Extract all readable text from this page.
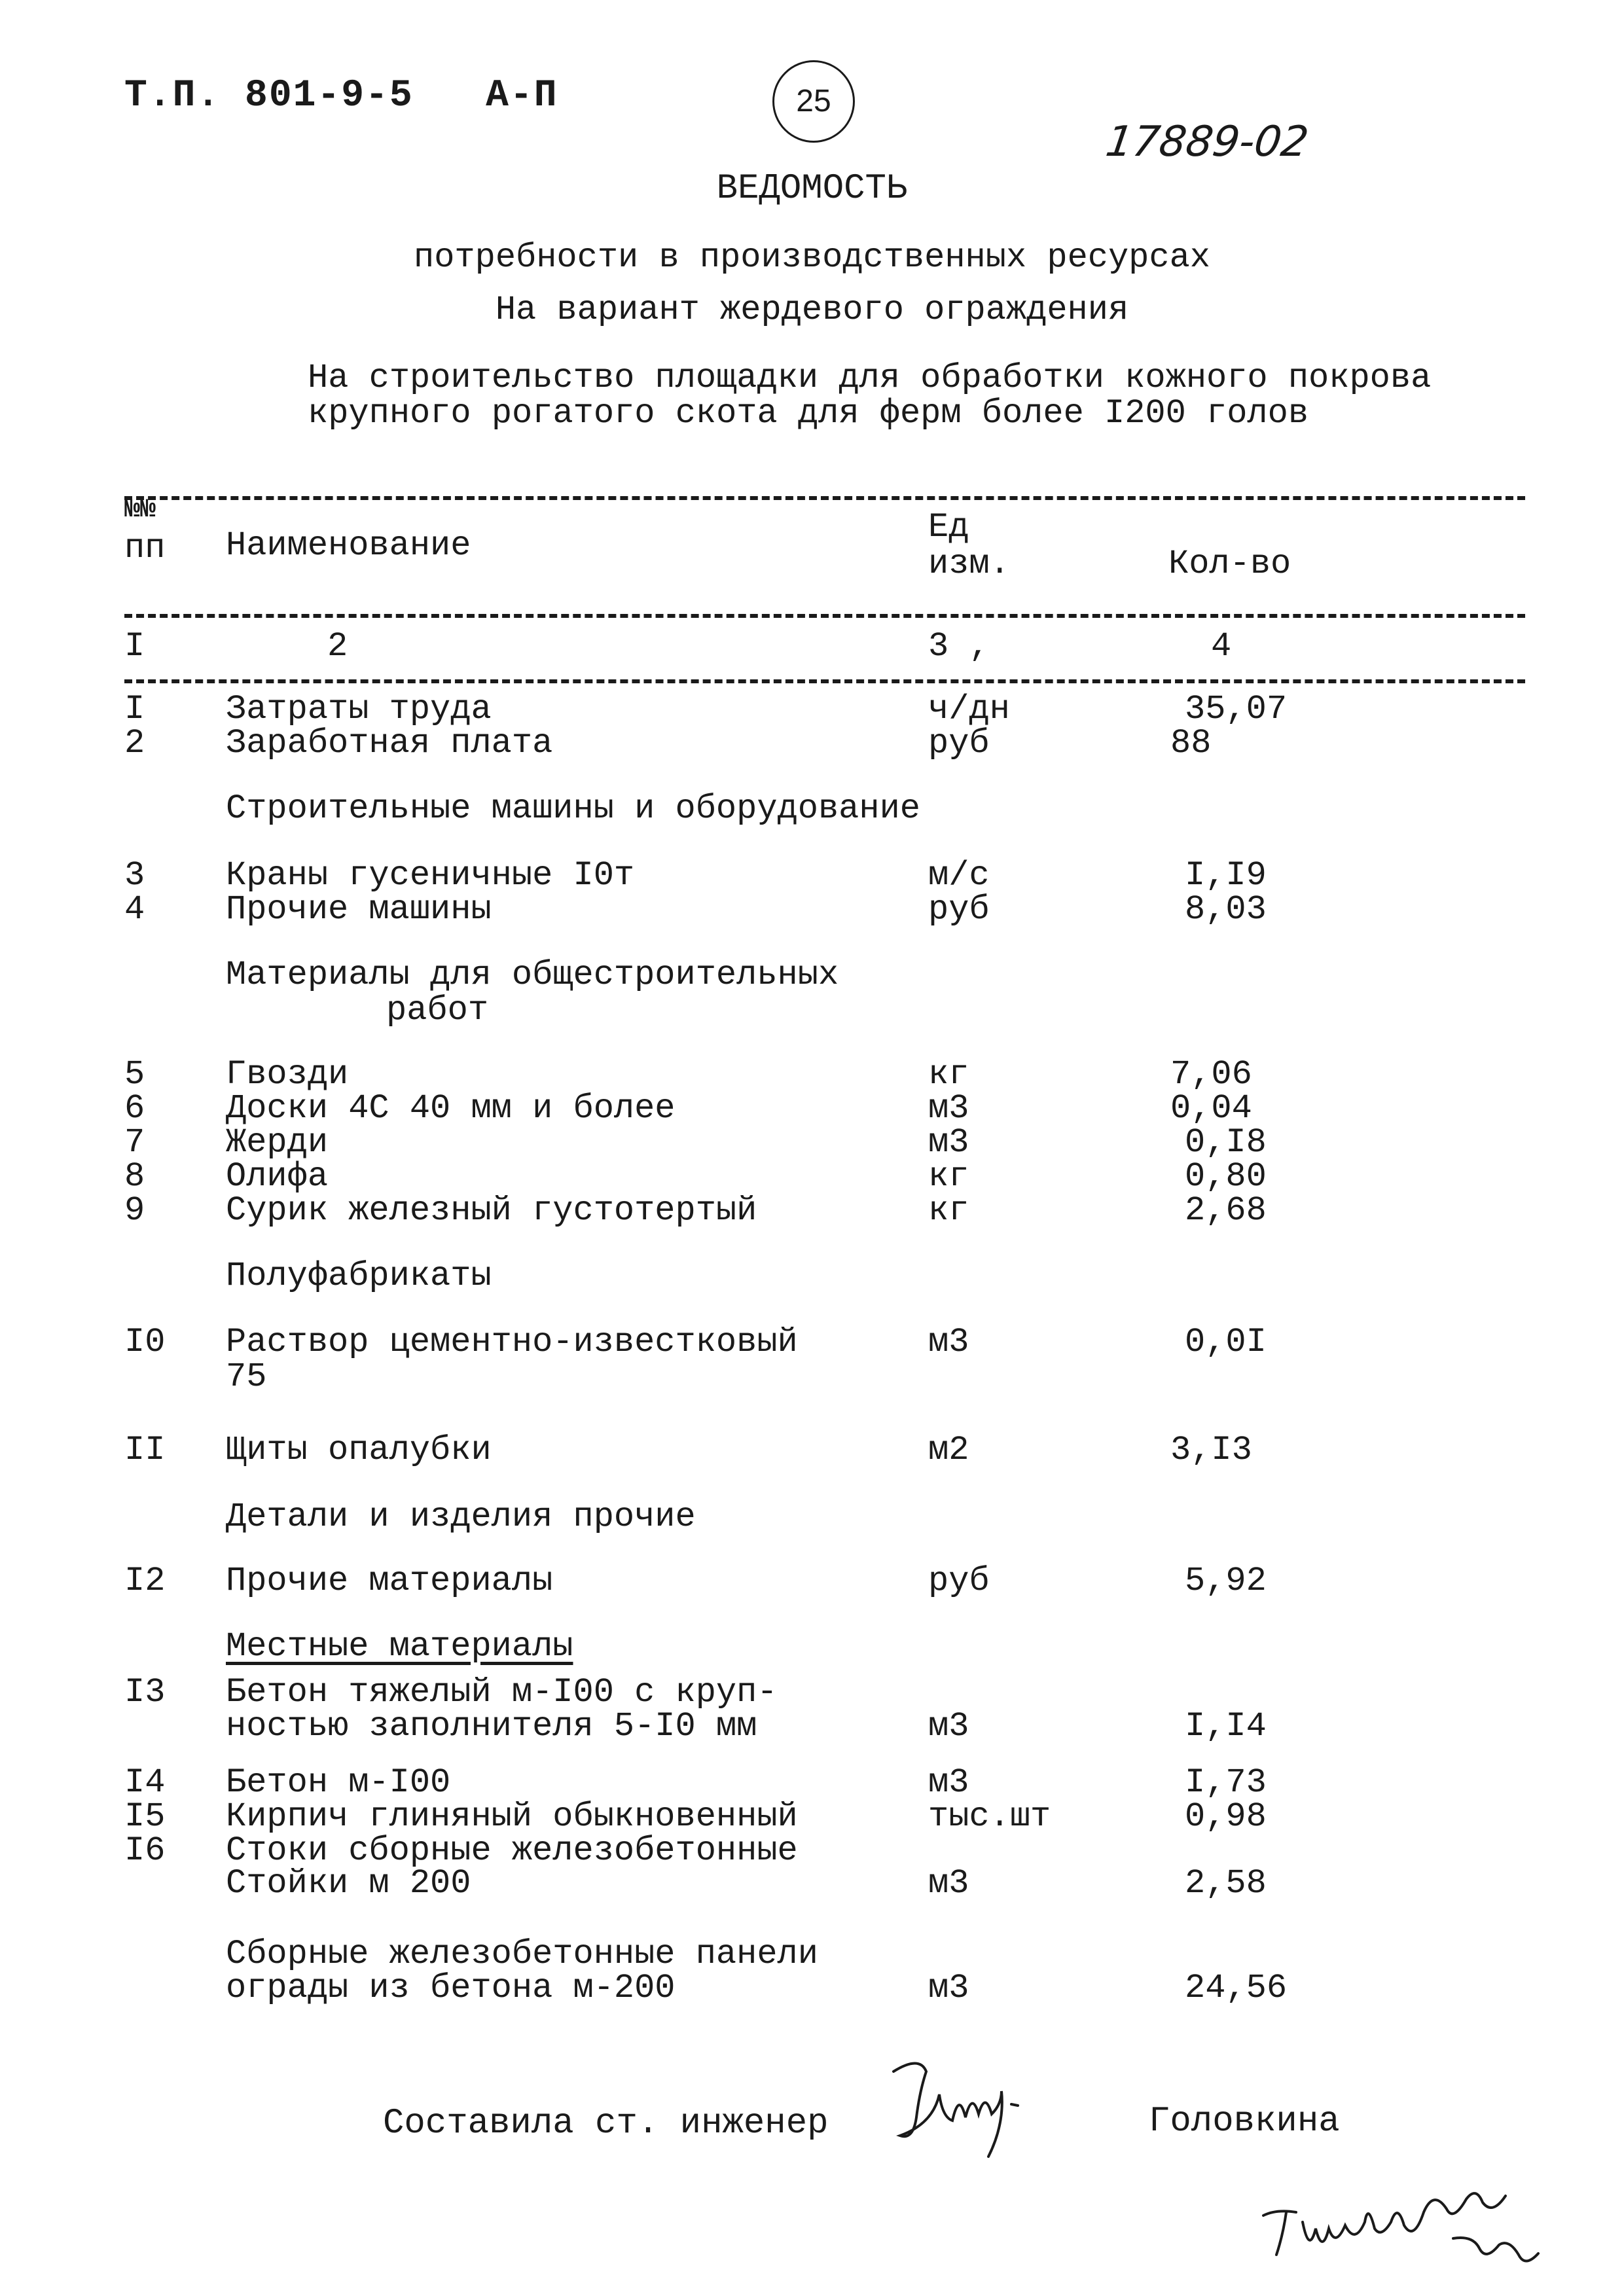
Т.П. 801-9-5   А-П	25
17889-02
ВЕДОМОСТЬ
потребности в производственных ресурсах
На вариант жердевого ограждения
На строительство площадки для обработки кожного покрова
крупного рогатого скота для ферм более I200 голов
№№
пп Наименование	Ед
изм.	Кол-во
I	2	3 ,	4
I Затраты труда	ч/дн	35,07
2 Заработная плата	руб	88
Строительные машины и оборудование
3 Краны гусеничные I0т	м/с	I,I9
4 Прочие машины	руб	8,03
Материалы для общестроительных
работ
5 Гвозди	кг	7,06
6 Доски 4С 40 мм и более	м3	0,04
7 Жерди	м3	0,I8
8 Олифа	кг	0,80
9 Сурик железный густотертый	кг	2,68
Полуфабрикаты
I0 Раствор цементно-известковый	м3	0,0I
75
II Щиты опалубки	м2	3,I3
Детали и изделия прочие
I2 Прочие материалы	руб	5,92
Местные материалы
I3 Бетон тяжелый м-I00 с круп-
ностью заполнителя 5-I0 мм	м3	I,I4
I4 Бетон м-I00	м3	I,73
I5 Кирпич глиняный обыкновенный	тыс.шт	0,98
I6 Стоки сборные железобетонные
Стойки м 200	м3	2,58
Сборные железобетонные панели
ограды из бетона м-200	м3	24,56
Составила ст. инженер	Головкина
